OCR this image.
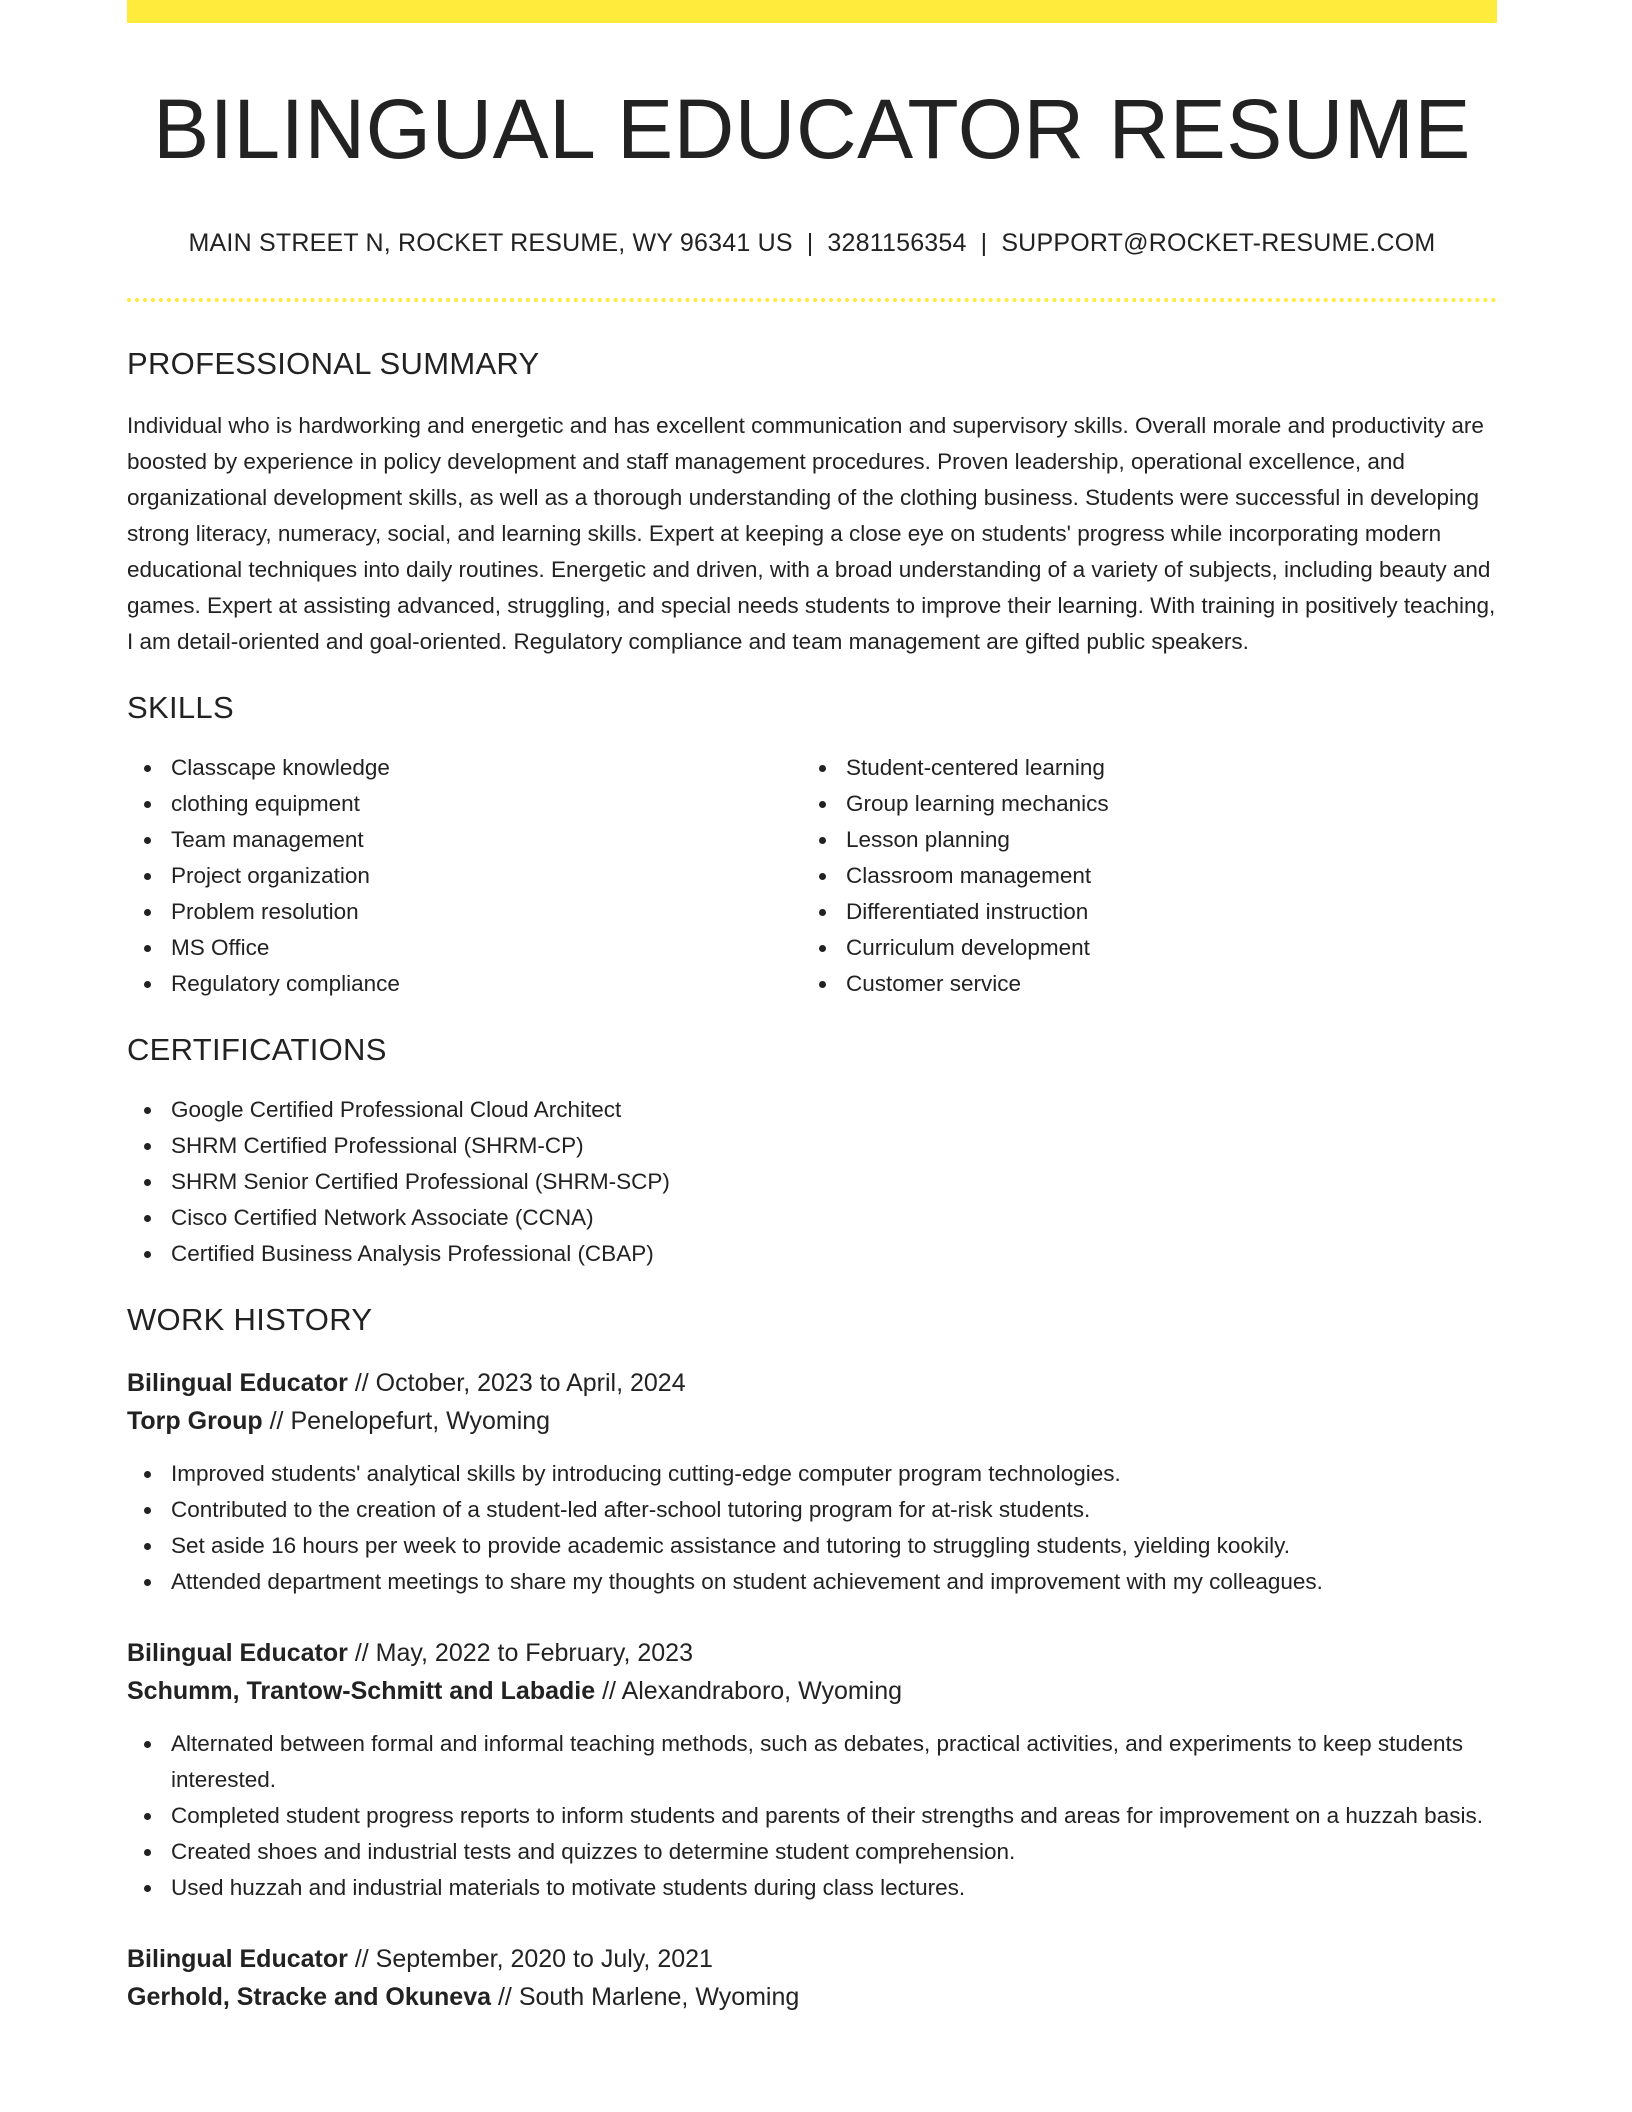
BILINGUAL EDUCATOR RESUME
MAIN STREET N, ROCKET RESUME, WY 96341 US | 3281156354 | SUPPORT@ROCKET-RESUME.COM
PROFESSIONAL SUMMARY

Individual who is hardworking and energetic and has excellent communication and supervisory skills. Overall morale and productivity are boosted by experience in policy development and staff management procedures. Proven leadership, operational excellence, and organizational development skills, as well as a thorough understanding of the clothing business. Students were successful in developing strong literacy, numeracy, social, and learning skills. Expert at keeping a close eye on students' progress while incorporating modern educational techniques into daily routines. Energetic and driven, with a broad understanding of a variety of subjects, including beauty and games. Expert at assisting advanced, struggling, and special needs students to improve their learning. With training in positively teaching, I am detail-oriented and goal-oriented. Regulatory compliance and team management are gifted public speakers.

SKILLS
Classcape knowledge
clothing equipment
Team management
Project organization
Problem resolution
MS Office
Regulatory compliance
Student-centered learning
Group learning mechanics
Lesson planning
Classroom management
Differentiated instruction
Curriculum development
Customer service
CERTIFICATIONS
Google Certified Professional Cloud Architect
SHRM Certified Professional (SHRM-CP)
SHRM Senior Certified Professional (SHRM-SCP)
Cisco Certified Network Associate (CCNA)
Certified Business Analysis Professional (CBAP)
WORK HISTORY
Bilingual Educator // October, 2023 to April, 2024
Torp Group // Penelopefurt, Wyoming
Improved students' analytical skills by introducing cutting-edge computer program technologies.
Contributed to the creation of a student-led after-school tutoring program for at-risk students.
Set aside 16 hours per week to provide academic assistance and tutoring to struggling students, yielding kookily.
Attended department meetings to share my thoughts on student achievement and improvement with my colleagues.
Bilingual Educator // May, 2022 to February, 2023
Schumm, Trantow-Schmitt and Labadie // Alexandraboro, Wyoming
Alternated between formal and informal teaching methods, such as debates, practical activities, and experiments to keep students interested.
Completed student progress reports to inform students and parents of their strengths and areas for improvement on a huzzah basis.
Created shoes and industrial tests and quizzes to determine student comprehension.
Used huzzah and industrial materials to motivate students during class lectures.
Bilingual Educator // September, 2020 to July, 2021
Gerhold, Stracke and Okuneva // South Marlene, Wyoming
